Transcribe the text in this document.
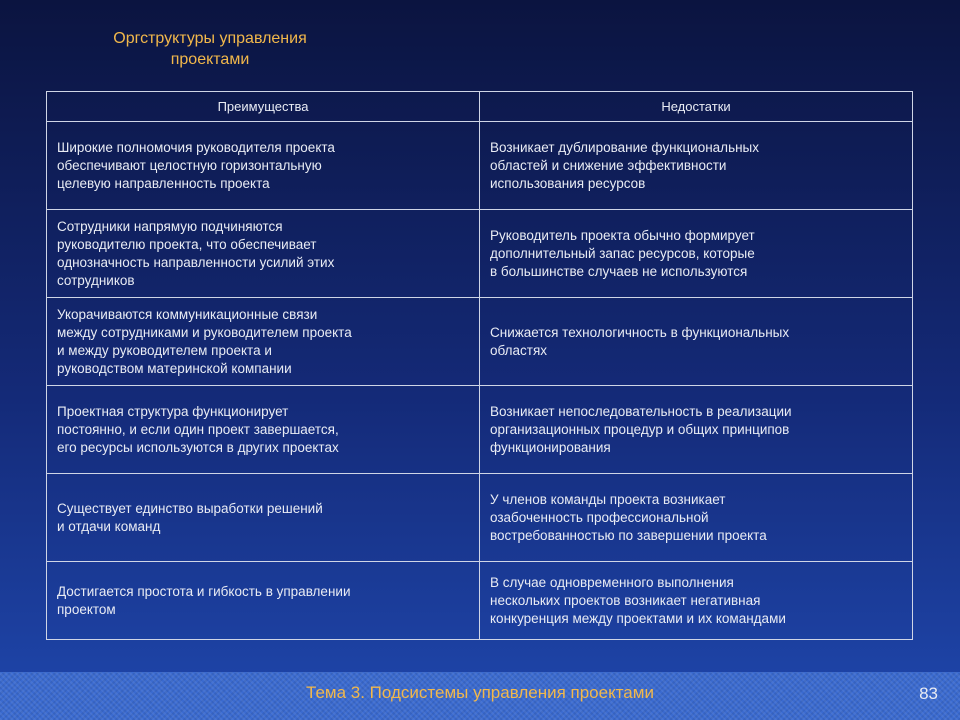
Оргструктуры управления
проектами
Преимущества	Недостатки

Широкие полномочия руководителя проекта
обеспечивают целостную горизонтальную
целевую направленность проекта	Возникает дублирование функциональных
областей и снижение эффективности
использования ресурсов

Сотрудники напрямую подчиняются
руководителю проекта, что обеспечивает
однозначность направленности усилий этих
сотрудников	Руководитель проекта обычно формирует
дополнительный запас ресурсов, которые
в большинстве случаев не используются

Укорачиваются коммуникационные связи
между сотрудниками и руководителем проекта
и между руководителем проекта и
руководством материнской компании	Снижается технологичность в функциональных
областях

Проектная структура функционирует
постоянно, и если один проект завершается,
его ресурсы используются в других проектах	Возникает непоследовательность в реализации
организационных процедур и общих принципов
функционирования

Существует единство выработки решений
и отдачи команд	У членов команды проекта возникает
озабоченность профессиональной
востребованностью по завершении проекта

Достигается простота и гибкость в управлении
проектом	В случае одновременного выполнения
нескольких проектов возникает негативная
конкуренция между проектами и их командами
Тема 3. Подсистемы управления проектами	83
